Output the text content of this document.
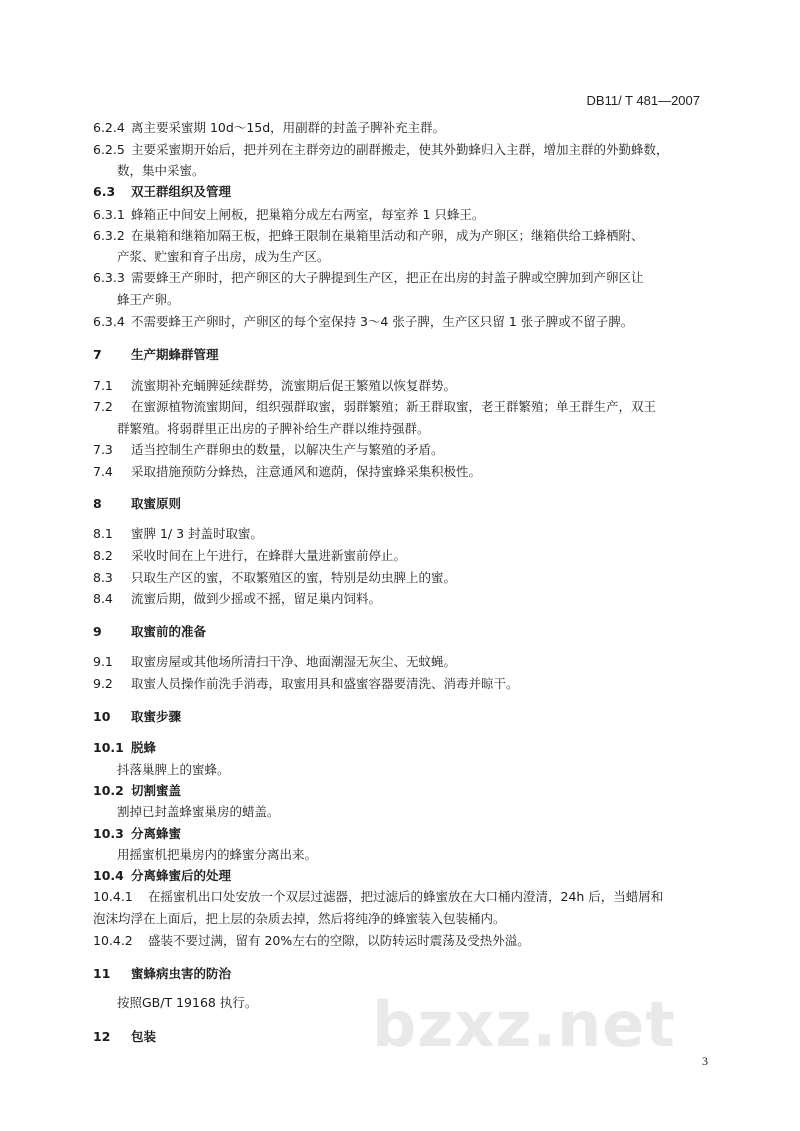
DB11/ T 481—2007
6.2.4 离主要采蜜期 10d～15d，用副群的封盖子脾补充主群。
6.2.5 主要采蜜期开始后，把并列在主群旁边的副群搬走，使其外勤蜂归入主群，增加主群的外勤蜂数，
数，集中采蜜。
6.3 双王群组织及管理
6.3.1 蜂箱正中间安上闸板，把巢箱分成左右两室，每室养 1 只蜂王。
6.3.2 在巢箱和继箱加隔王板，把蜂王限制在巢箱里活动和产卵，成为产卵区；继箱供给工蜂栖附、
产浆、贮蜜和育子出房，成为生产区。
6.3.3 需要蜂王产卵时，把产卵区的大子脾提到生产区，把正在出房的封盖子脾或空脾加到产卵区让
蜂王产卵。
6.3.4 不需要蜂王产卵时，产卵区的每个室保持 3～4 张子脾，生产区只留 1 张子脾或不留子脾。
7 生产期蜂群管理
7.1 流蜜期补充蛹脾延续群势，流蜜期后促王繁殖以恢复群势。
7.2 在蜜源植物流蜜期间，组织强群取蜜，弱群繁殖；新王群取蜜，老王群繁殖；单王群生产，双王
群繁殖。将弱群里正出房的子脾补给生产群以维持强群。
7.3 适当控制生产群卵虫的数量，以解决生产与繁殖的矛盾。
7.4 采取措施预防分蜂热，注意通风和遮荫，保持蜜蜂采集积极性。
8 取蜜原则
8.1 蜜脾 1/ 3 封盖时取蜜。
8.2 采收时间在上午进行，在蜂群大量进新蜜前停止。
8.3 只取生产区的蜜，不取繁殖区的蜜，特别是幼虫脾上的蜜。
8.4 流蜜后期，做到少摇或不摇，留足巢内饲料。
9 取蜜前的准备
9.1 取蜜房屋或其他场所清扫干净、地面潮湿无灰尘、无蚊蝇。
9.2 取蜜人员操作前洗手消毒，取蜜用具和盛蜜容器要清洗、消毒并晾干。
10 取蜜步骤
10.1 脱蜂
抖落巢脾上的蜜蜂。
10.2 切割蜜盖
割掉已封盖蜂蜜巢房的蜡盖。
10.3 分离蜂蜜
用摇蜜机把巢房内的蜂蜜分离出来。
10.4 分离蜂蜜后的处理
10.4.1 在摇蜜机出口处安放一个双层过滤器，把过滤后的蜂蜜放在大口桶内澄清，24h 后，当蜡屑和
泡沫均浮在上面后，把上层的杂质去掉，然后将纯净的蜂蜜装入包装桶内。
10.4.2 盛装不要过满，留有 20%左右的空隙，以防转运时震荡及受热外溢。
11 蜜蜂病虫害的防治
按照GB/T 19168 执行。
12 包装	bzxz.net 3
